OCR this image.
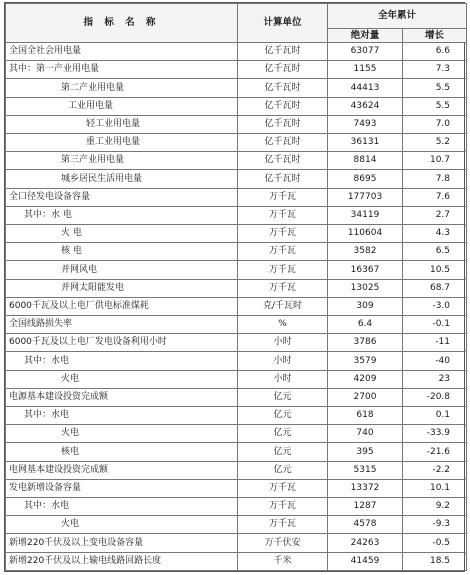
指 标 名 称	计算单位	全年累计	
		绝对量	增长
全国全社会用电量	亿千瓦时	63077	6.6
其中：第一产业用电量	亿千瓦时	1155	7.3
第二产业用电量	亿千瓦时	44413	5.5
工业用电量	亿千瓦时	43624	5.5
轻工业用电量	亿千瓦时	7493	7.0
重工业用电量	亿千瓦时	36131	5.2
第三产业用电量	亿千瓦时	8814	10.7
城乡居民生活用电量	亿千瓦时	8695	7.8
全口径发电设备容量	万千瓦	177703	7.6
其中：水 电	万千瓦	34119	2.7
火 电	万千瓦	110604	4.3
核 电	万千瓦	3582	6.5
并网风电	万千瓦	16367	10.5
并网太阳能发电	万千瓦	13025	68.7
6000千瓦及以上电厂供电标准煤耗	克/千瓦时	309	-3.0
全国线路损失率	%	6.4	-0.1
6000千瓦及以上电厂发电设备利用小时	小时	3786	-11
其中：水电	小时	3579	-40
火电	小时	4209	23
电源基本建设投资完成额	亿元	2700	-20.8
其中：水电	亿元	618	0.1
火电	亿元	740	-33.9
核电	亿元	395	-21.6
电网基本建设投资完成额	亿元	5315	-2.2
发电新增设备容量	万千瓦	13372	10.1
其中：水电	万千瓦	1287	9.2
火电	万千瓦	4578	-9.3
新增220千伏及以上变电设备容量	万千伏安	24263	-0.5
新增220千伏及以上输电线路回路长度	千米	41459	18.5
